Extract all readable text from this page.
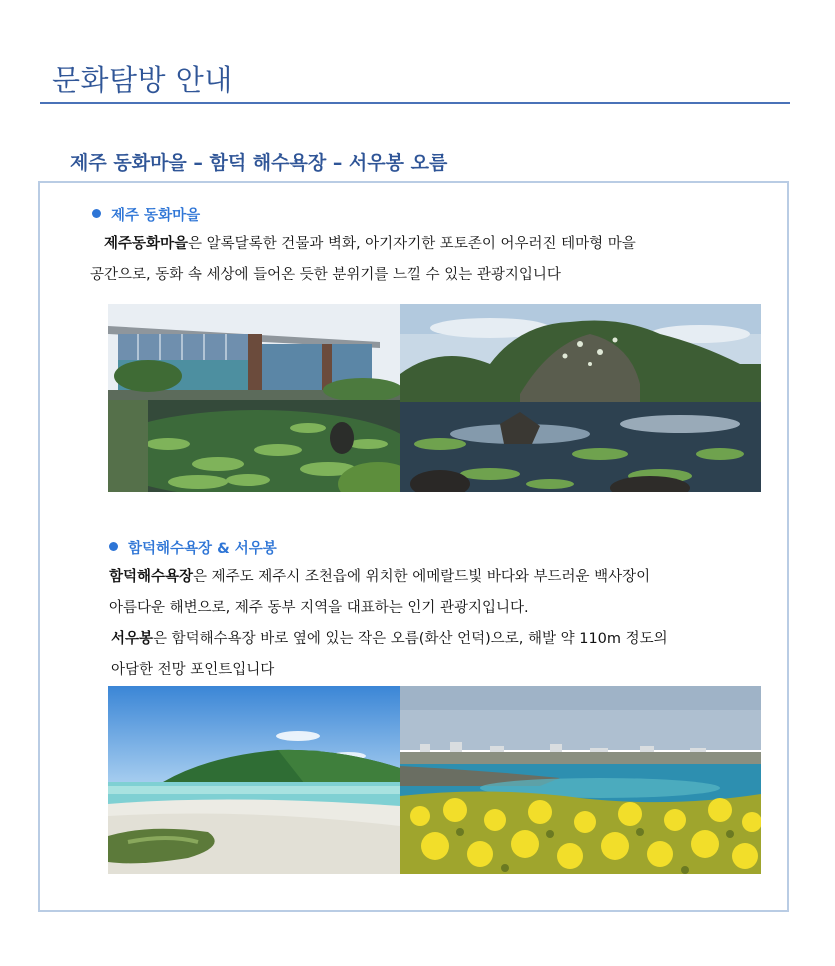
문화탐방 안내
제주 동화마을 – 함덕 해수욕장 – 서우봉 오름
제주 동화마을
제주동화마을은 알록달록한 건물과 벽화, 아기자기한 포토존이 어우러진 테마형 마을
공간으로, 동화 속 세상에 들어온 듯한 분위기를 느낄 수 있는 관광지입니다
함덕해수욕장 & 서우봉
함덕해수욕장은 제주도 제주시 조천읍에 위치한 에메랄드빛 바다와 부드러운 백사장이
아름다운 해변으로, 제주 동부 지역을 대표하는 인기 관광지입니다.
서우봉은 함덕해수욕장 바로 옆에 있는 작은 오름(화산 언덕)으로, 해발 약 110m 정도의
아담한 전망 포인트입니다
